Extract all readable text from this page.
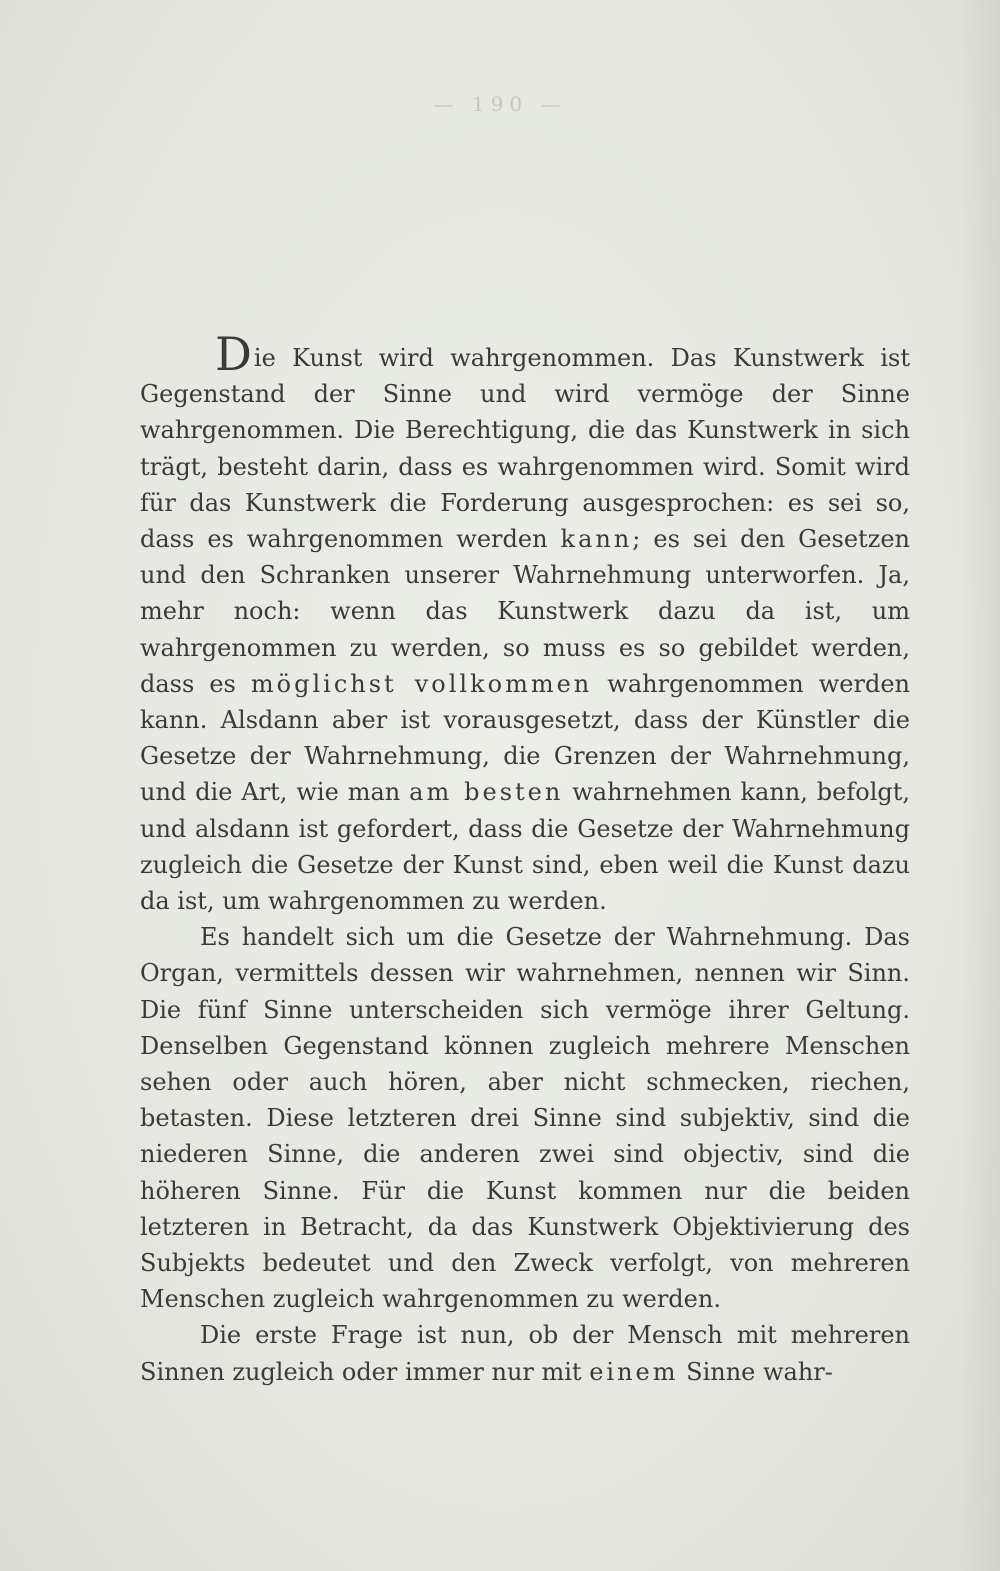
— 190 —

Die Kunst wird wahrgenommen. Das Kunstwerk ist Gegenstand der Sinne und wird vermöge der Sinne wahrgenommen. Die Berechtigung, die das Kunstwerk in sich trägt, besteht darin, dass es wahrgenommen wird. Somit wird für das Kunstwerk die Forderung ausgesprochen: es sei so, dass es wahrgenommen werden kann; es sei den Gesetzen und den Schranken unserer Wahrnehmung unterworfen. Ja, mehr noch: wenn das Kunstwerk dazu da ist, um wahrgenommen zu werden, so muss es so gebildet werden, dass es möglichst vollkommen wahrgenommen werden kann. Alsdann aber ist vorausgesetzt, dass der Künstler die Gesetze der Wahrnehmung, die Grenzen der Wahrnehmung, und die Art, wie man am besten wahrnehmen kann, befolgt, und alsdann ist gefordert, dass die Gesetze der Wahrnehmung zugleich die Gesetze der Kunst sind, eben weil die Kunst dazu da ist, um wahrgenommen zu werden.

Es handelt sich um die Gesetze der Wahrnehmung. Das Organ, vermittels dessen wir wahrnehmen, nennen wir Sinn. Die fünf Sinne unterscheiden sich vermöge ihrer Geltung. Denselben Gegenstand können zugleich mehrere Menschen sehen oder auch hören, aber nicht schmecken, riechen, betasten. Diese letzteren drei Sinne sind subjektiv, sind die niederen Sinne, die anderen zwei sind objectiv, sind die höheren Sinne. Für die Kunst kommen nur die beiden letzteren in Betracht, da das Kunstwerk Objektivierung des Subjekts bedeutet und den Zweck verfolgt, von mehreren Menschen zugleich wahrgenommen zu werden.

Die erste Frage ist nun, ob der Mensch mit mehreren Sinnen zugleich oder immer nur mit einem Sinne wahr-
